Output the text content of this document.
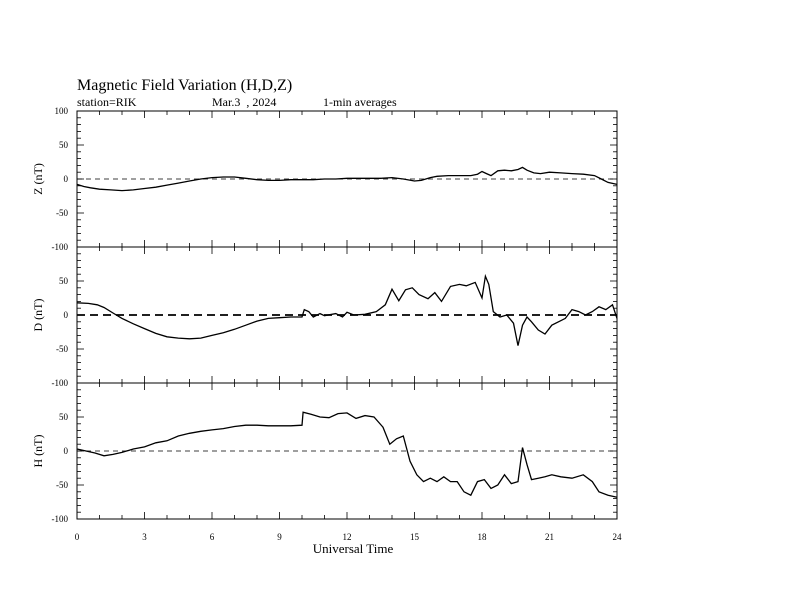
Magnetic Field Variation (H,D,Z)
station=RIK	Mar.3  , 2024	1-min averages
Z (nT)
100
50
0
-50
-100
D (nT)
50
0
-50
-100
H (nT)
50
0
-50
-100
0	3	6	9	12	15	18	21	24
Universal Time
